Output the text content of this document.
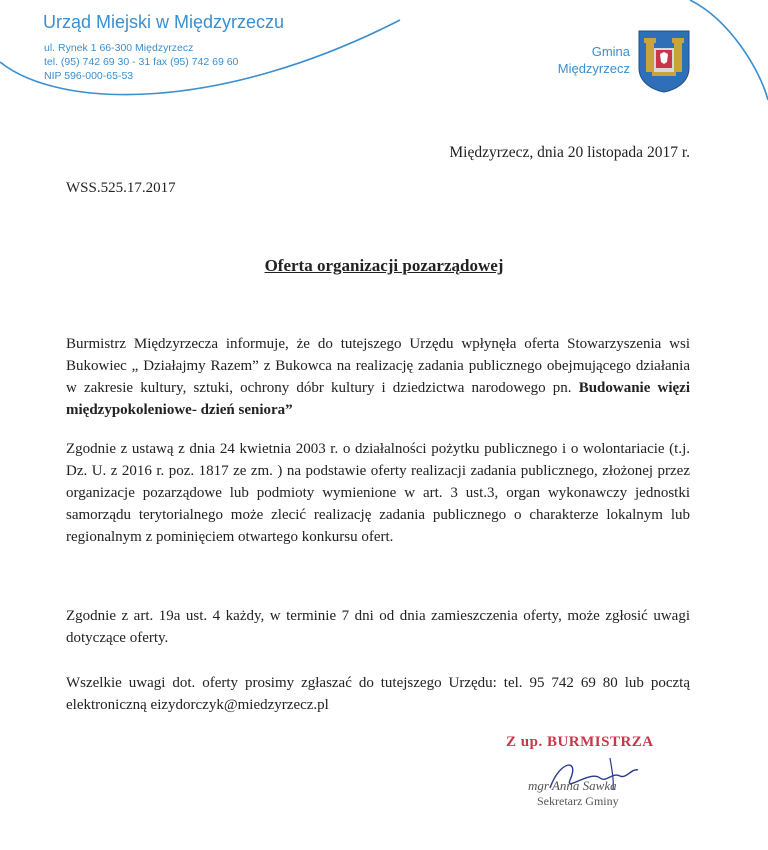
Urząd Miejski w Międzyrzeczu
ul. Rynek 1 66-300 Międzyrzecz
tel. (95) 742 69 30 - 31 fax (95) 742 69 60
NIP 596-000-65-53
Gmina
Międzyrzecz
Międzyrzecz, dnia 20 listopada 2017 r.
WSS.525.17.2017
Oferta organizacji pozarządowej
Burmistrz Międzyrzecza informuje, że do tutejszego Urzędu wpłynęła oferta Stowarzyszenia wsi Bukowiec „ Działajmy Razem” z Bukowca na realizację zadania publicznego obejmującego działania w zakresie kultury, sztuki, ochrony dóbr kultury i dziedzictwa narodowego pn. Budowanie więzi międzypokoleniowe- dzień seniora”
Zgodnie z ustawą z dnia 24 kwietnia 2003 r. o działalności pożytku publicznego i o wolontariacie (t.j. Dz. U. z 2016 r. poz. 1817 ze zm. ) na podstawie oferty realizacji zadania publicznego, złożonej przez organizacje pozarządowe lub podmioty wymienione w art. 3 ust.3, organ wykonawczy jednostki samorządu terytorialnego może zlecić realizację zadania publicznego o charakterze lokalnym lub regionalnym z pominięciem otwartego konkursu ofert.
Zgodnie z art. 19a ust. 4 każdy, w terminie 7 dni od dnia zamieszczenia oferty, może zgłosić uwagi dotyczące oferty.
Wszelkie uwagi dot. oferty prosimy zgłaszać do tutejszego Urzędu: tel. 95 742 69 80 lub pocztą elektroniczną eizydorczyk@miedzyrzecz.pl
Z up. BURMISTRZA
mgr Anna Sawka
Sekretarz Gminy
